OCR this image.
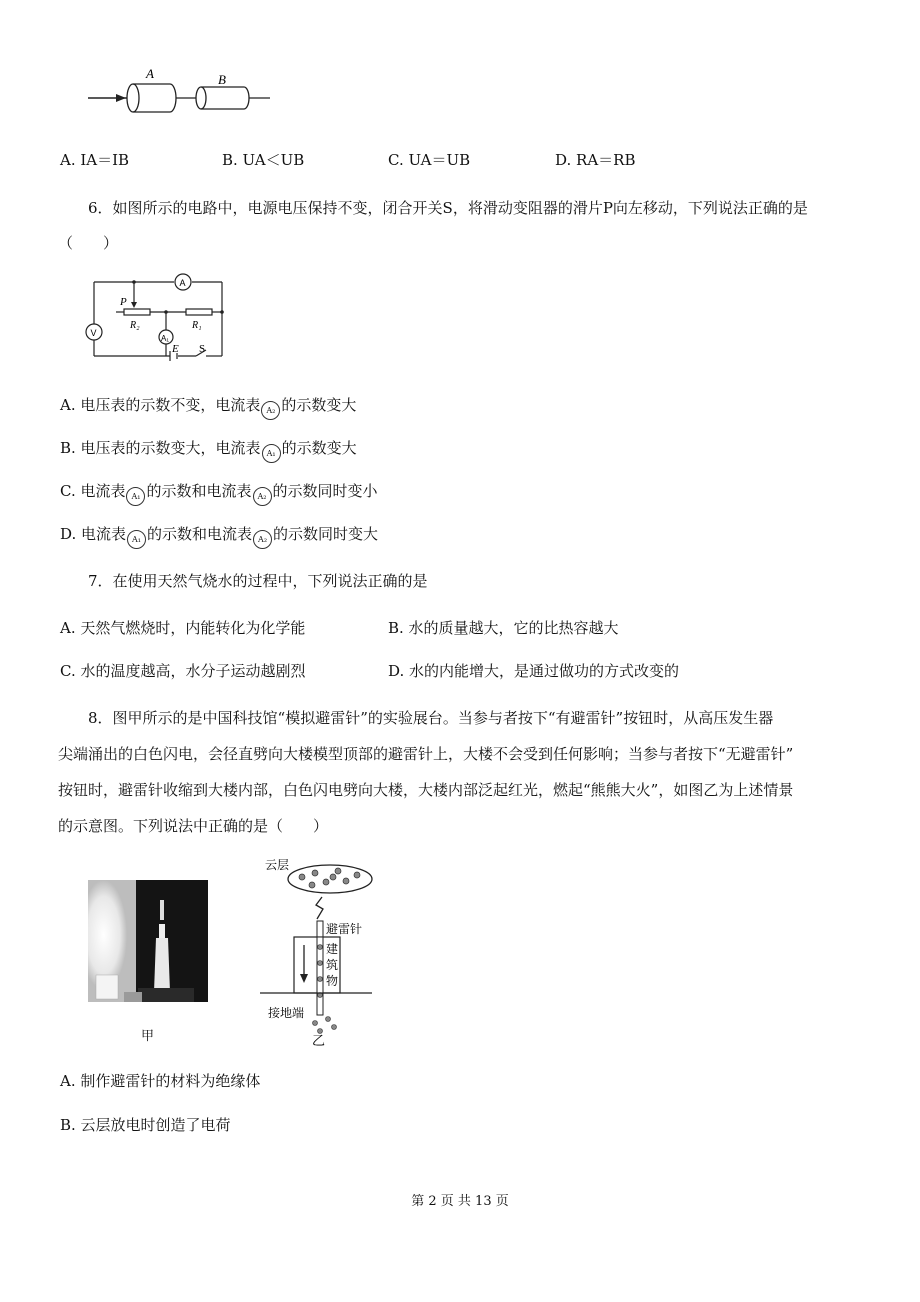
A	B
A. IA＝IB	B. UA＜UB	C. UA＝UB	D. RA＝RB
6．如图所示的电路中，电源电压保持不变，闭合开关S，将滑动变阻器的滑片P向左移动，下列说法正确的是
（　　）
P
R₂	R₁
E S
V
A
A₁
A. 电压表的示数不变，电流表 A₂ 的示数变大
B. 电压表的示数变大，电流表 A₁ 的示数变大
C. 电流表 A₁ 的示数和电流表 A₂ 的示数同时变小
D. 电流表 A₁ 的示数和电流表 A₂ 的示数同时变大
7．在使用天然气烧水的过程中，下列说法正确的是
A. 天然气燃烧时，内能转化为化学能	B. 水的质量越大，它的比热容越大
C. 水的温度越高，水分子运动越剧烈	D. 水的内能增大，是通过做功的方式改变的
8．图甲所示的是中国科技馆“模拟避雷针”的实验展台。当参与者按下“有避雷针”按钮时，从高压发生器
尖端涌出的白色闪电，会径直劈向大楼模型顶部的避雷针上，大楼不会受到任何影响；当参与者按下“无避雷针”
按钮时，避雷针收缩到大楼内部，白色闪电劈向大楼，大楼内部泛起红光，燃起“熊熊大火”，如图乙为上述情景
的示意图。下列说法中正确的是（　　）
甲
云层
避雷针
建
筑
物
接地端
乙
A. 制作避雷针的材料为绝缘体
B. 云层放电时创造了电荷
第 2 页 共 13 页
